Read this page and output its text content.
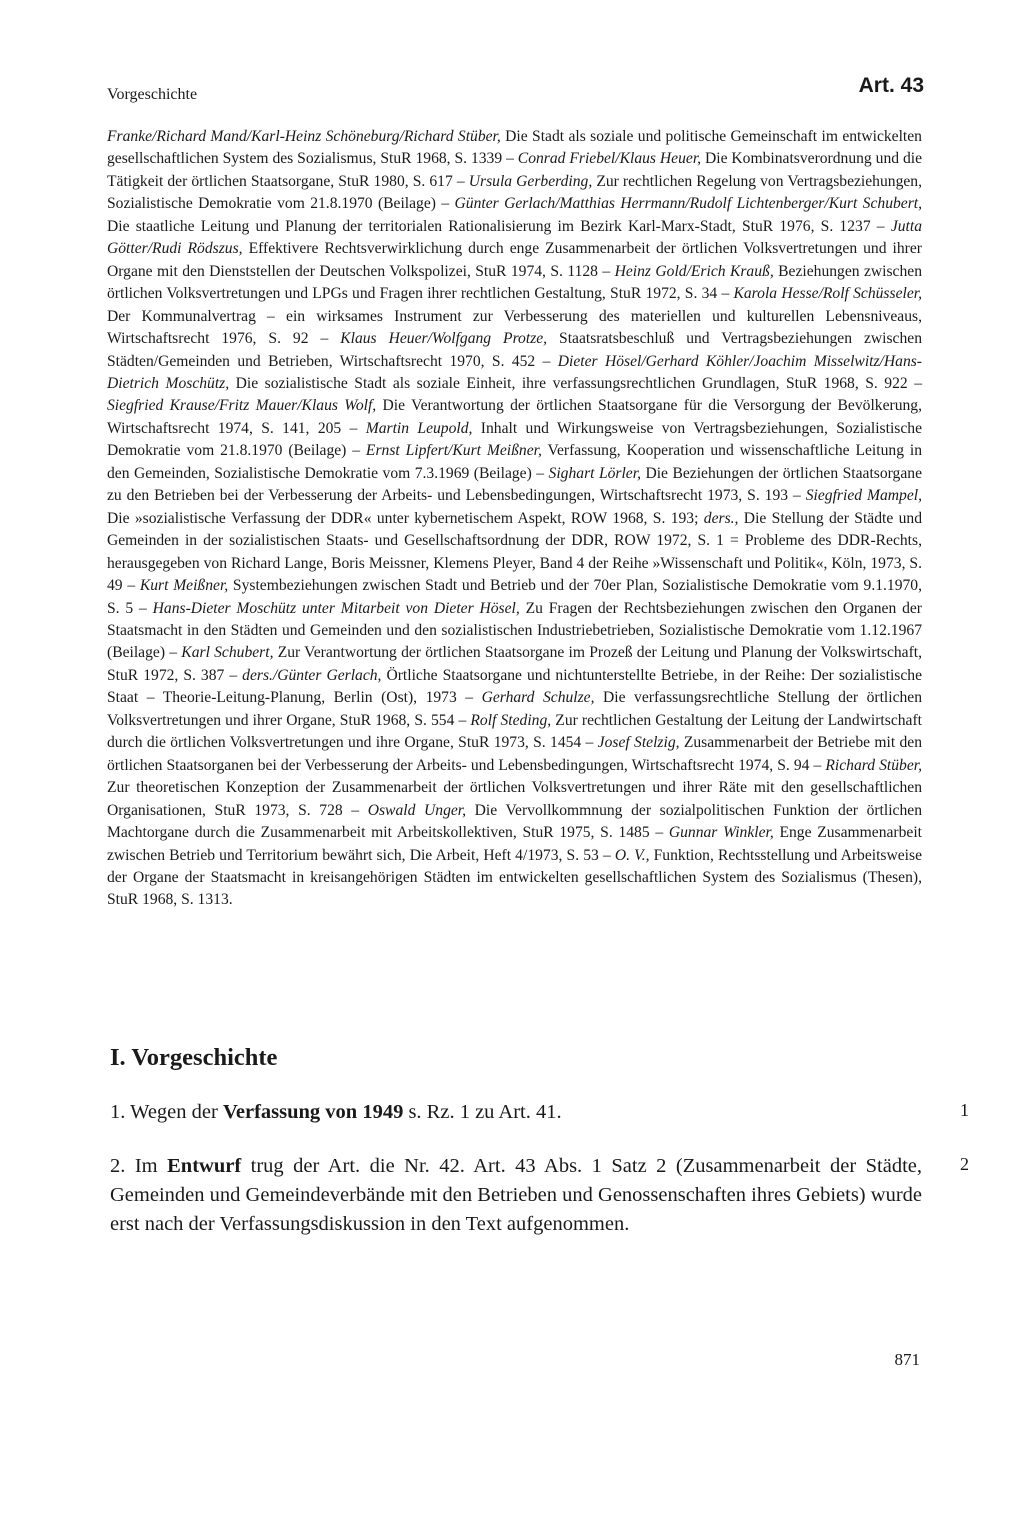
Vorgeschichte	Art. 43
Franke/Richard Mand/Karl-Heinz Schöneburg/Richard Stüber, Die Stadt als soziale und politische Gemeinschaft im entwickelten gesellschaftlichen System des Sozialismus, StuR 1968, S. 1339 – Conrad Friebel/Klaus Heuer, Die Kombinatsverordnung und die Tätigkeit der örtlichen Staatsorgane, StuR 1980, S. 617 – Ursula Gerberding, Zur rechtlichen Regelung von Vertragsbeziehungen, Sozialistische Demokratie vom 21.8.1970 (Beilage) – Günter Gerlach/Matthias Herrmann/Rudolf Lichtenberger/Kurt Schubert, Die staatliche Leitung und Planung der territorialen Rationalisierung im Bezirk Karl-Marx-Stadt, StuR 1976, S. 1237 – Jutta Götter/Rudi Rödszus, Effektivere Rechtsverwirklichung durch enge Zusammenarbeit der örtlichen Volksvertretungen und ihrer Organe mit den Dienststellen der Deutschen Volkspolizei, StuR 1974, S. 1128 – Heinz Gold/Erich Krauß, Beziehungen zwischen örtlichen Volksvertretungen und LPGs und Fragen ihrer rechtlichen Gestaltung, StuR 1972, S. 34 – Karola Hesse/Rolf Schüsseler, Der Kommunalvertrag – ein wirksames Instrument zur Verbesserung des materiellen und kulturellen Lebensniveaus, Wirtschaftsrecht 1976, S. 92 – Klaus Heuer/Wolfgang Protze, Staatsratsbeschluß und Vertragsbeziehungen zwischen Städten/Gemeinden und Betrieben, Wirtschaftsrecht 1970, S. 452 – Dieter Hösel/Gerhard Köhler/Joachim Misselwitz/Hans-Dietrich Moschütz, Die sozialistische Stadt als soziale Einheit, ihre verfassungsrechtlichen Grundlagen, StuR 1968, S. 922 – Siegfried Krause/Fritz Mauer/Klaus Wolf, Die Verantwortung der örtlichen Staatsorgane für die Versorgung der Bevölkerung, Wirtschaftsrecht 1974, S. 141, 205 – Martin Leupold, Inhalt und Wirkungsweise von Vertragsbeziehungen, Sozialistische Demokratie vom 21.8.1970 (Beilage) – Ernst Lipfert/Kurt Meißner, Verfassung, Kooperation und wissenschaftliche Leitung in den Gemeinden, Sozialistische Demokratie vom 7.3.1969 (Beilage) – Sighart Lörler, Die Beziehungen der örtlichen Staatsorgane zu den Betrieben bei der Verbesserung der Arbeits- und Lebensbedingungen, Wirtschaftsrecht 1973, S. 193 – Siegfried Mampel, Die »sozialistische Verfassung der DDR« unter kybernetischem Aspekt, ROW 1968, S. 193; ders., Die Stellung der Städte und Gemeinden in der sozialistischen Staats- und Gesellschaftsordnung der DDR, ROW 1972, S. 1 = Probleme des DDR-Rechts, herausgegeben von Richard Lange, Boris Meissner, Klemens Pleyer, Band 4 der Reihe »Wissenschaft und Politik«, Köln, 1973, S. 49 – Kurt Meißner, Systembeziehungen zwischen Stadt und Betrieb und der 70er Plan, Sozialistische Demokratie vom 9.1.1970, S. 5 – Hans-Dieter Moschütz unter Mitarbeit von Dieter Hösel, Zu Fragen der Rechtsbeziehungen zwischen den Organen der Staatsmacht in den Städten und Gemeinden und den sozialistischen Industriebetrieben, Sozialistische Demokratie vom 1.12.1967 (Beilage) – Karl Schubert, Zur Verantwortung der örtlichen Staatsorgane im Prozeß der Leitung und Planung der Volkswirtschaft, StuR 1972, S. 387 – ders./Günter Gerlach, Örtliche Staatsorgane und nichtunterstellte Betriebe, in der Reihe: Der sozialistische Staat – Theorie-Leitung-Planung, Berlin (Ost), 1973 – Gerhard Schulze, Die verfassungsrechtliche Stellung der örtlichen Volksvertretungen und ihrer Organe, StuR 1968, S. 554 – Rolf Steding, Zur rechtlichen Gestaltung der Leitung der Landwirtschaft durch die örtlichen Volksvertretungen und ihre Organe, StuR 1973, S. 1454 – Josef Stelzig, Zusammenarbeit der Betriebe mit den örtlichen Staatsorganen bei der Verbesserung der Arbeits- und Lebensbedingungen, Wirtschaftsrecht 1974, S. 94 – Richard Stüber, Zur theoretischen Konzeption der Zusammenarbeit der örtlichen Volksvertretungen und ihrer Räte mit den gesellschaftlichen Organisationen, StuR 1973, S. 728 – Oswald Unger, Die Vervollkommnung der sozialpolitischen Funktion der örtlichen Machtorgane durch die Zusammenarbeit mit Arbeitskollektiven, StuR 1975, S. 1485 – Gunnar Winkler, Enge Zusammenarbeit zwischen Betrieb und Territorium bewährt sich, Die Arbeit, Heft 4/1973, S. 53 – O. V., Funktion, Rechtsstellung und Arbeitsweise der Organe der Staatsmacht in kreisangehörigen Städten im entwickelten gesellschaftlichen System des Sozialismus (Thesen), StuR 1968, S. 1313.
I. Vorgeschichte
1. Wegen der Verfassung von 1949 s. Rz. 1 zu Art. 41.	1
2. Im Entwurf trug der Art. die Nr. 42. Art. 43 Abs. 1 Satz 2 (Zusammenarbeit der Städte, Gemeinden und Gemeindeverbände mit den Betrieben und Genossenschaften ihres Gebiets) wurde erst nach der Verfassungsdiskussion in den Text aufgenommen.
2
871
